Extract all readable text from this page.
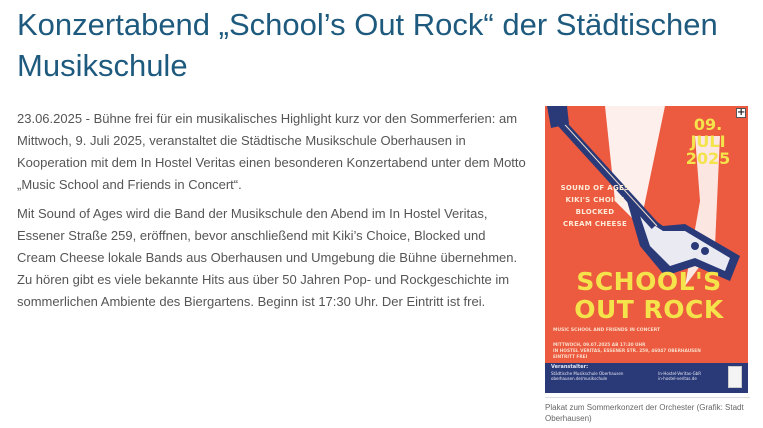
Konzertabend „School’s Out Rock“ der Städtischen Musikschule

23.06.2025 - Bühne frei für ein musikalisches Highlight kurz vor den Sommerferien: am Mittwoch, 9. Juli 2025, veranstaltet die Städtische Musikschule Oberhausen in Kooperation mit dem In Hostel Veritas einen besonderen Konzertabend unter dem Motto „Music School and Friends in Concert“.

Mit Sound of Ages wird die Band der Musikschule den Abend im In Hostel Veritas, Essener Straße 259, eröffnen, bevor anschließend mit Kiki’s Choice, Blocked und Cream Cheese lokale Bands aus Oberhausen und Umgebung die Bühne übernehmen. Zu hören gibt es viele bekannte Hits aus über 50 Jahren Pop- und Rockgeschichte im sommerlichen Ambiente des Biergartens. Beginn ist 17:30 Uhr. Der Eintritt ist frei.

+
09.
JULI
2025
SOUND OF AGES
KIKI'S CHOICE
BLOCKED
CREAM CHEESE
SCHOOL'S
OUT ROCK
MUSIC SCHOOL AND FRIENDS IN CONCERT
MITTWOCH, 09.07.2025 AB 17:30 UHR
IN HOSTEL VERITAS, ESSENER STR. 259, 46047 OBERHAUSEN
EINTRITT FREI
Veranstalter:
Städtische Musikschule Oberhausen
oberhausen.de/musikschule
In-Hostel-Veritas-GbR
in-hostel-veritas.de
Plakat zum Sommerkonzert der Orchester (Grafik: Stadt Oberhausen)
